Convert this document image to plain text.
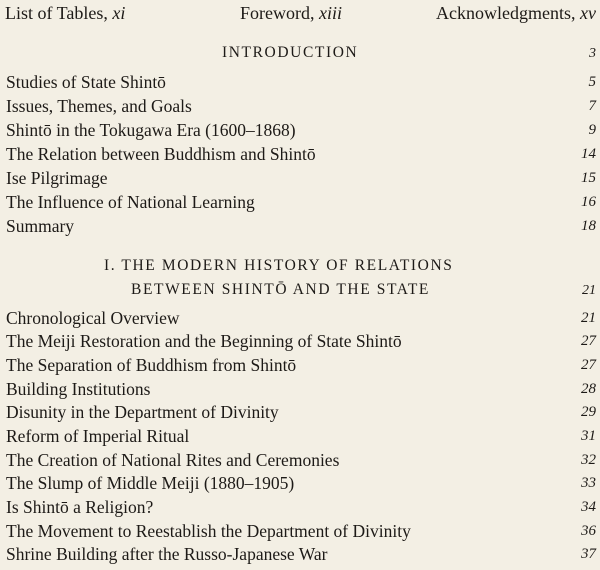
List of Tables, xi	Foreword, xiii	Acknowledgments, xv
INTRODUCTION	3
Studies of State Shintō	5
Issues, Themes, and Goals	7
Shintō in the Tokugawa Era (1600–1868)	9
The Relation between Buddhism and Shintō	14
Ise Pilgrimage	15
The Influence of National Learning	16
Summary	18
I. THE MODERN HISTORY OF RELATIONS
BETWEEN SHINTŌ AND THE STATE	21
Chronological Overview	21
The Meiji Restoration and the Beginning of State Shintō	27
The Separation of Buddhism from Shintō	27
Building Institutions	28
Disunity in the Department of Divinity	29
Reform of Imperial Ritual	31
The Creation of National Rites and Ceremonies	32
The Slump of Middle Meiji (1880–1905)	33
Is Shintō a Religion?	34
The Movement to Reestablish the Department of Divinity	36
Shrine Building after the Russo-Japanese War	37
